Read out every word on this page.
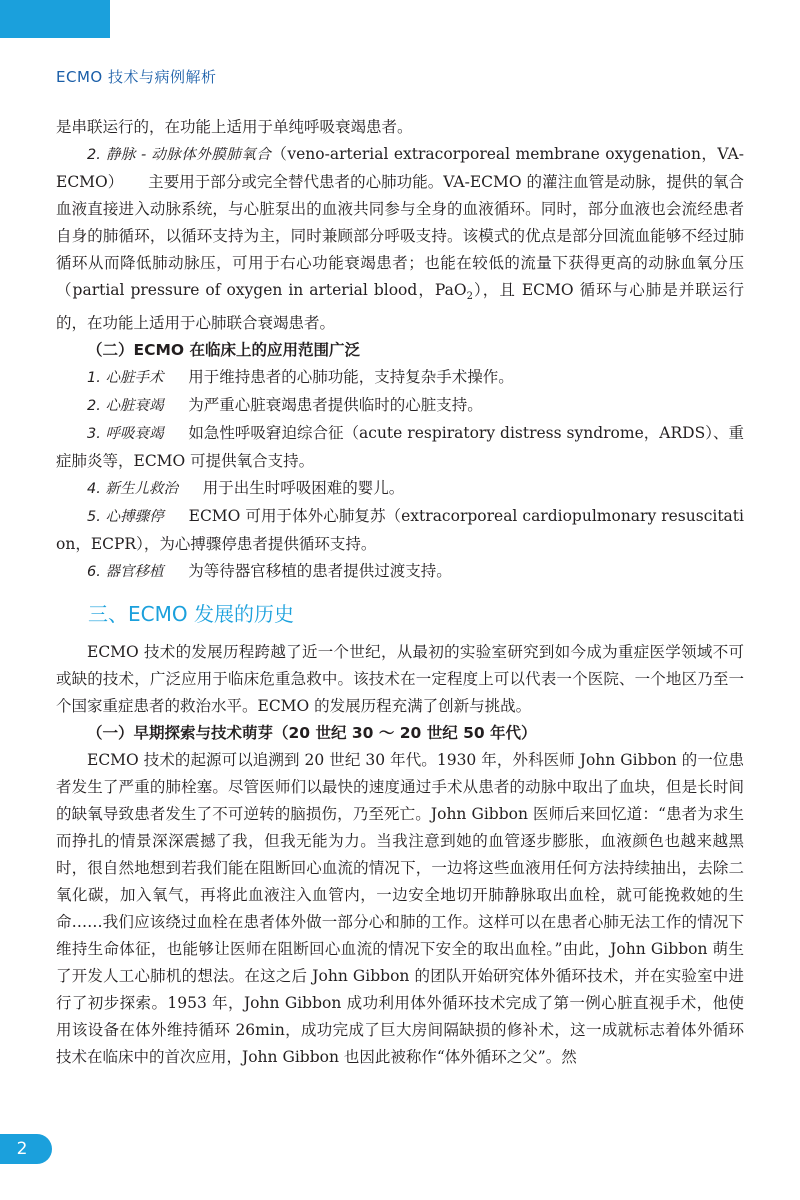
ECMO 技术与病例解析

是串联运行的，在功能上适用于单纯呼吸衰竭患者。

2. 静脉 - 动脉体外膜肺氧合（veno-arterial extracorporeal membrane oxygenation，VA-ECMO） 主要用于部分或完全替代患者的心肺功能。VA-ECMO 的灌注血管是动脉，提供的氧合血液直接进入动脉系统，与心脏泵出的血液共同参与全身的血液循环。同时，部分血液也会流经患者自身的肺循环，以循环支持为主，同时兼顾部分呼吸支持。该模式的优点是部分回流血能够不经过肺循环从而降低肺动脉压，可用于右心功能衰竭患者；也能在较低的流量下获得更高的动脉血氧分压（partial pressure of oxygen in arterial blood，PaO$_2$），且 ECMO 循环与心肺是并联运行的，在功能上适用于心肺联合衰竭患者。

（二）ECMO 在临床上的应用范围广泛

1. 心脏手术 用于维持患者的心肺功能，支持复杂手术操作。

2. 心脏衰竭 为严重心脏衰竭患者提供临时的心脏支持。

3. 呼吸衰竭 如急性呼吸窘迫综合征（acute respiratory distress syndrome，ARDS）、重症肺炎等，ECMO 可提供氧合支持。

4. 新生儿救治 用于出生时呼吸困难的婴儿。

5. 心搏骤停 ECMO 可用于体外心肺复苏（extracorporeal cardiopulmonary resuscitation，ECPR），为心搏骤停患者提供循环支持。

6. 器官移植 为等待器官移植的患者提供过渡支持。

三、ECMO 发展的历史

ECMO 技术的发展历程跨越了近一个世纪，从最初的实验室研究到如今成为重症医学领域不可或缺的技术，广泛应用于临床危重急救中。该技术在一定程度上可以代表一个医院、一个地区乃至一个国家重症患者的救治水平。ECMO 的发展历程充满了创新与挑战。

（一）早期探索与技术萌芽（20 世纪 30 ～ 20 世纪 50 年代）

ECMO 技术的起源可以追溯到 20 世纪 30 年代。1930 年，外科医师 John Gibbon 的一位患者发生了严重的肺栓塞。尽管医师们以最快的速度通过手术从患者的动脉中取出了血块，但是长时间的缺氧导致患者发生了不可逆转的脑损伤，乃至死亡。John Gibbon 医师后来回忆道：“患者为求生而挣扎的情景深深震撼了我，但我无能为力。当我注意到她的血管逐步膨胀，血液颜色也越来越黑时，很自然地想到若我们能在阻断回心血流的情况下，一边将这些血液用任何方法持续抽出，去除二氧化碳，加入氧气，再将此血液注入血管内，一边安全地切开肺静脉取出血栓，就可能挽救她的生命……我们应该绕过血栓在患者体外做一部分心和肺的工作。这样可以在患者心肺无法工作的情况下维持生命体征，也能够让医师在阻断回心血流的情况下安全的取出血栓。”由此，John Gibbon 萌生了开发人工心肺机的想法。在这之后 John Gibbon 的团队开始研究体外循环技术，并在实验室中进行了初步探索。1953 年，John Gibbon 成功利用体外循环技术完成了第一例心脏直视手术，他使用该设备在体外维持循环 26min，成功完成了巨大房间隔缺损的修补术，这一成就标志着体外循环技术在临床中的首次应用，John Gibbon 也因此被称作“体外循环之父”。然

2
